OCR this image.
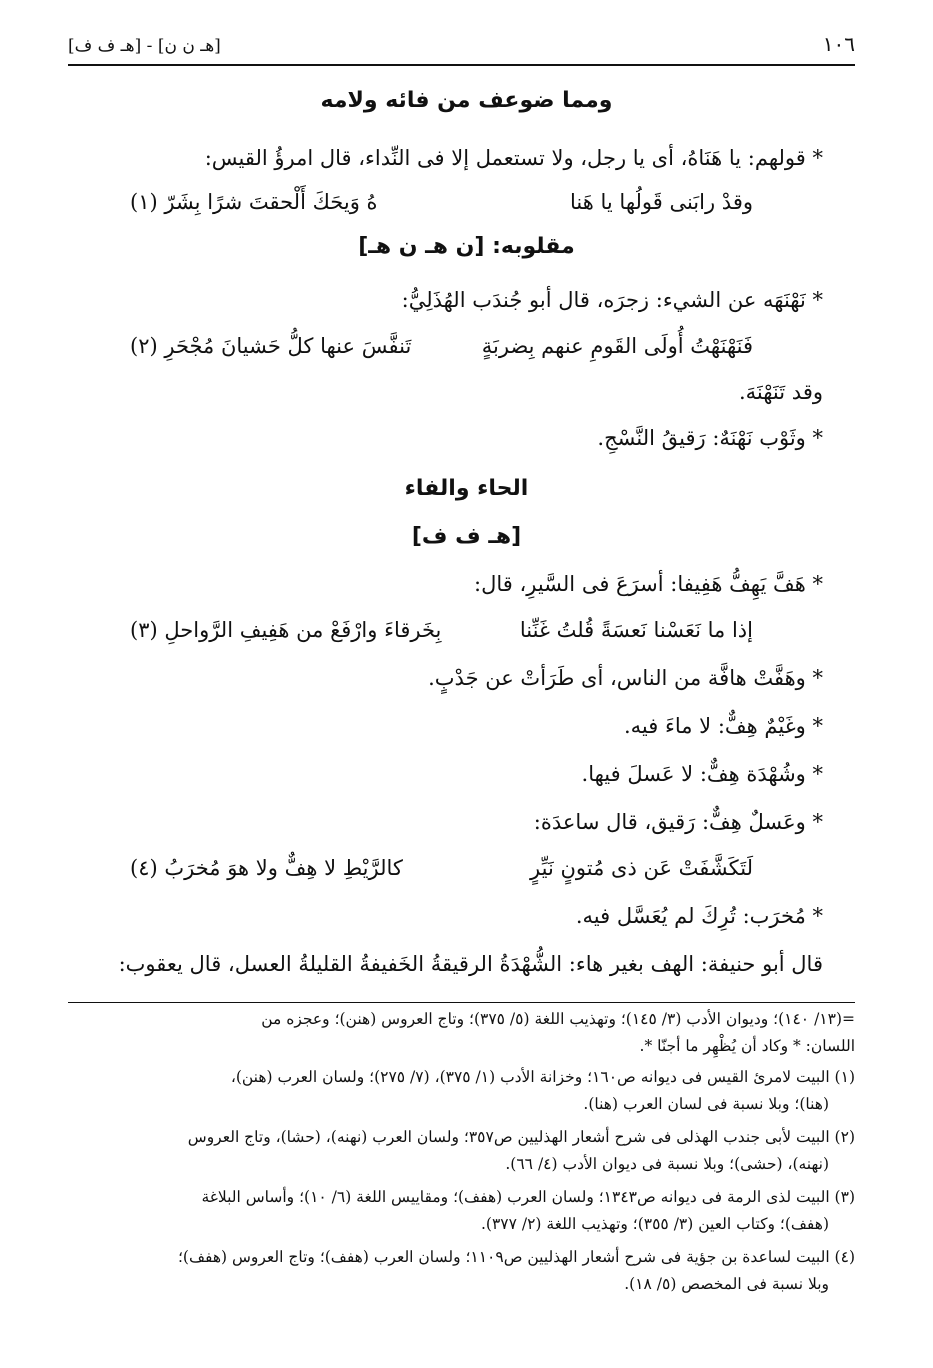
١٠٦
[هـ ن ن] - [هـ ف ف]
ومما ضوعف من فائه ولامه
* قولهم: يا هَنَاهُ، أى يا رجل، ولا تستعمل إلا فى النِّداء، قال امرؤُ القيس:
وقدْ رابَنى قَولُها يا هَنا
هُ وَيحَكَ أَلْحقتَ شرًا بِشَرّ (١)
مقلوبه: [ن هـ ن هـ]
* نَهْنَهَه عن الشيء: زجرَه، قال أبو جُندَب الهُذَلِيُّ:
فَنَهْنَهْتُ أُولَى القَومِ عنهم بِضربَةٍ
تَنفَّسَ عنها كلُّ حَشيانَ مُجْحَرِ (٢)
وقد تَنَهْنَهَ.
* وثَوْب نَهْنَهٌ: رَقيقُ النَّسْجِ.
الحاء والفاء
[هـ ف ف]
* هَفَّ يَهِفُّ هَفِيفا: أسرَعَ فى السَّيرِ، قال:
إذا ما نَعَسْنا نَعسَةً قُلتُ غَنِّنا
بِخَرقاءَ وارْفَعْ من هَفِيفِ الرَّواحلِ (٣)
* وهَفَّتْ هافَّة من الناس، أى طَرَأتْ عن جَدْبٍ.
* وغَيْمٌ هِفٌّ: لا ماءَ فيه.
* وشُهْدَة هِفٌّ: لا عَسلَ فيها.
* وعَسلٌ هِفٌّ: رَقيق، قال ساعدَة:
لَتَكَشَّفَتْ عَن ذى مُتونٍ نَيِّرٍ
كالرَّيْطِ لا هِفٌّ ولا هوَ مُخرَبُ (٤)
* مُخرَب: تُرِكَ لم يُعَسَّل فيه.
قال أبو حنيفة: الهف بغير هاء: الشُّهْدَةُ الرقيقةُ الخَفيفةُ القليلةُ العسل، قال يعقوب:
=(١٣/ ١٤٠)؛ وديوان الأدب (٣/ ١٤٥)؛ وتهذيب اللغة (٥/ ٣٧٥)؛ وتاج العروس (هنن)؛ وعجزه من
اللسان: * وكاد أن يُظْهِر ما أجنّا *.
(١) البيت لامرئ القيس فى ديوانه ص١٦٠؛ وخزانة الأدب (١/ ٣٧٥)، (٧/ ٢٧٥)؛ ولسان العرب (هنن)،
(هنا)؛ وبلا نسبة فى لسان العرب (هنا).
(٢) البيت لأبى جندب الهذلى فى شرح أشعار الهذليين ص٣٥٧؛ ولسان العرب (نهنه)، (حشا)، وتاج العروس
(نهنه)، (حشى)؛ وبلا نسبة فى ديوان الأدب (٤/ ٦٦).
(٣) البيت لذى الرمة فى ديوانه ص١٣٤٣؛ ولسان العرب (هفف)؛ ومقاييس اللغة (٦/ ١٠)؛ وأساس البلاغة
(هفف)؛ وكتاب العين (٣/ ٣٥٥)؛ وتهذيب اللغة (٢/ ٣٧٧).
(٤) البيت لساعدة بن جؤية فى شرح أشعار الهذليين ص١١٠٩؛ ولسان العرب (هفف)؛ وتاج العروس (هفف)؛
وبلا نسبة فى المخصص (٥/ ١٨).
